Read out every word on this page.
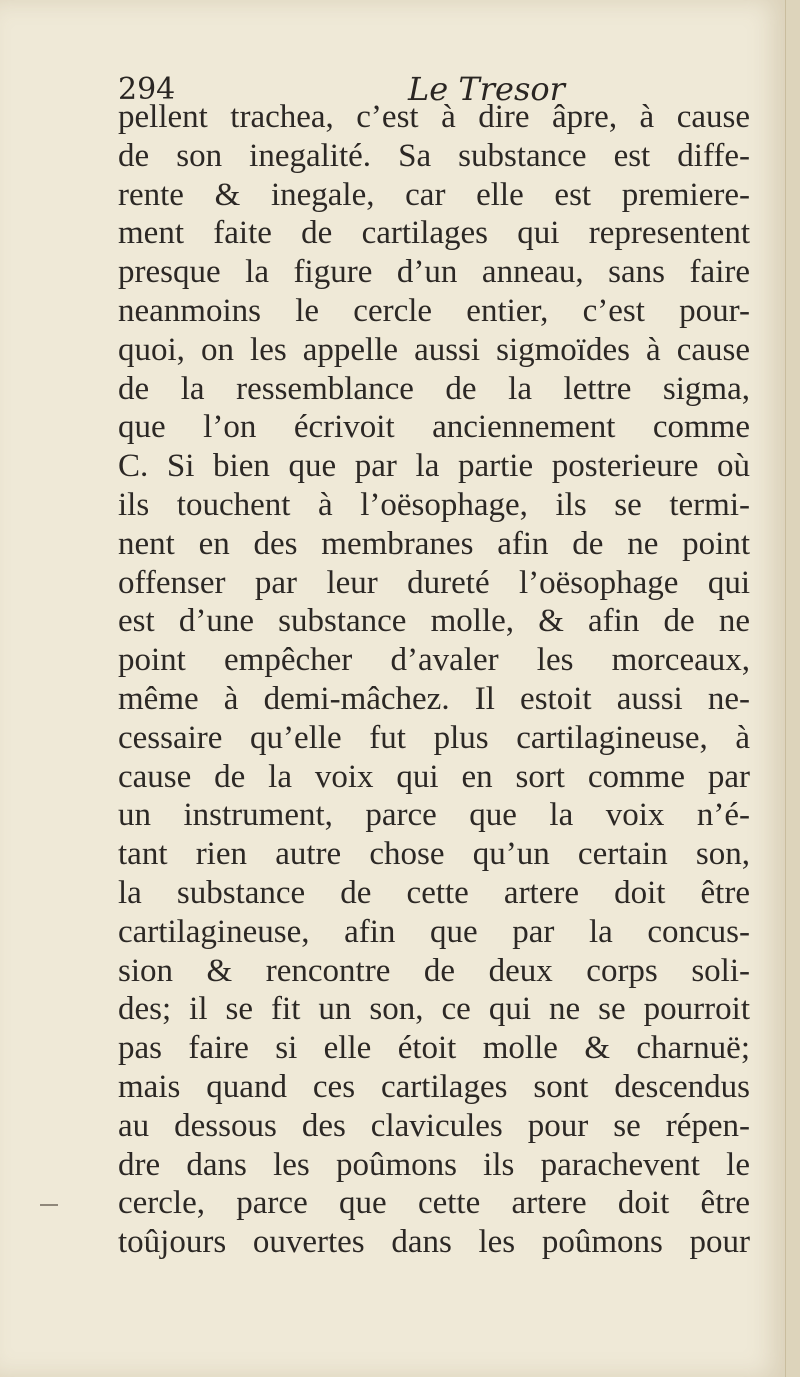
294	Le Tresor
pellent trachea, c’est à dire âpre, à cause
de son inegalité. Sa substance est diffe-
rente & inegale, car elle est premiere-
ment faite de cartilages qui representent
presque la figure d’un anneau, sans faire
neanmoins le cercle entier, c’est pour-
quoi, on les appelle aussi sigmoïdes à cause
de la ressemblance de la lettre sigma,
que l’on écrivoit anciennement comme
C. Si bien que par la partie posterieure où
ils touchent à l’oësophage, ils se termi-
nent en des membranes afin de ne point
offenser par leur dureté l’oësophage qui
est d’une substance molle, & afin de ne
point empêcher d’avaler les morceaux,
même à demi-mâchez. Il estoit aussi ne-
cessaire qu’elle fut plus cartilagineuse, à
cause de la voix qui en sort comme par
un instrument, parce que la voix n’é-
tant rien autre chose qu’un certain son,
la substance de cette artere doit être
cartilagineuse, afin que par la concus-
sion & rencontre de deux corps soli-
des; il se fit un son, ce qui ne se pourroit
pas faire si elle étoit molle & charnuë;
mais quand ces cartilages sont descendus
au dessous des clavicules pour se répen-
dre dans les poûmons ils parachevent le
cercle, parce que cette artere doit être
toûjours ouvertes dans les poûmons pour
